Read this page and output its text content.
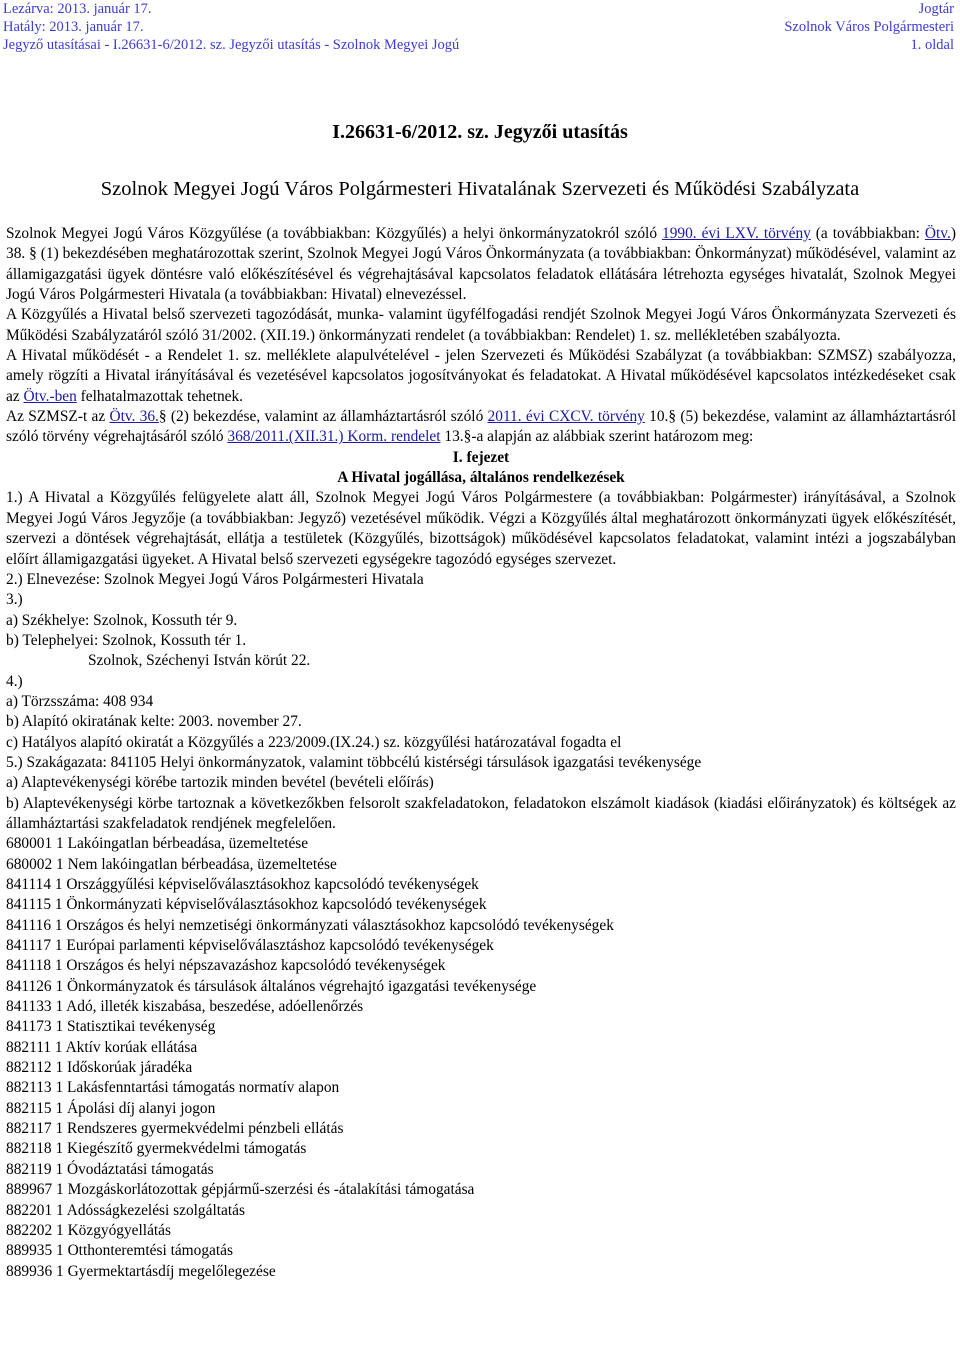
Lezárva: 2013. január 17.
Hatály: 2013. január 17.
Jegyző utasításai - I.26631-6/2012. sz. Jegyzői utasítás - Szolnok Megyei Jogú
Jogtár
Szolnok Város Polgármesteri
1. oldal
I.26631-6/2012. sz. Jegyzői utasítás
Szolnok Megyei Jogú Város Polgármesteri Hivatalának Szervezeti és Működési Szabályzata

Szolnok Megyei Jogú Város Közgyűlése (a továbbiakban: Közgyűlés) a helyi önkormányzatokról szóló 1990. évi LXV. törvény (a továbbiakban: Ötv.) 38. § (1) bekezdésében meghatározottak szerint, Szolnok Megyei Jogú Város Önkormányzata (a továbbiakban: Önkormányzat) működésével, valamint az államigazgatási ügyek döntésre való előkészítésével és végrehajtásával kapcsolatos feladatok ellátására létrehozta egységes hivatalát, Szolnok Megyei Jogú Város Polgármesteri Hivatala (a továbbiakban: Hivatal) elnevezéssel.

A Közgyűlés a Hivatal belső szervezeti tagozódását, munka- valamint ügyfélfogadási rendjét Szolnok Megyei Jogú Város Önkormányzata Szervezeti és Működési Szabályzatáról szóló 31/2002. (XII.19.) önkormányzati rendelet (a továbbiakban: Rendelet) 1. sz. mellékletében szabályozta.

A Hivatal működését - a Rendelet 1. sz. melléklete alapulvételével - jelen Szervezeti és Működési Szabályzat (a továbbiakban: SZMSZ) szabályozza, amely rögzíti a Hivatal irányításával és vezetésével kapcsolatos jogosítványokat és feladatokat. A Hivatal működésével kapcsolatos intézkedéseket csak az Ötv.-ben felhatalmazottak tehetnek.

Az SZMSZ-t az Ötv. 36.§ (2) bekezdése, valamint az államháztartásról szóló 2011. évi CXCV. törvény 10.§ (5) bekezdése, valamint az államháztartásról szóló törvény végrehajtásáról szóló 368/2011.(XII.31.) Korm. rendelet 13.§-a alapján az alábbiak szerint határozom meg:

I. fejezet

A Hivatal jogállása, általános rendelkezések

1.) A Hivatal a Közgyűlés felügyelete alatt áll, Szolnok Megyei Jogú Város Polgármestere (a továbbiakban: Polgármester) irányításával, a Szolnok Megyei Jogú Város Jegyzője (a továbbiakban: Jegyző) vezetésével működik. Végzi a Közgyűlés által meghatározott önkormányzati ügyek előkészítését, szervezi a döntések végrehajtását, ellátja a testületek (Közgyűlés, bizottságok) működésével kapcsolatos feladatokat, valamint intézi a jogszabályban előírt államigazgatási ügyeket. A Hivatal belső szervezeti egységekre tagozódó egységes szervezet.

2.) Elnevezése: Szolnok Megyei Jogú Város Polgármesteri Hivatala

3.)

a) Székhelye: Szolnok, Kossuth tér 9.

b) Telephelyei: Szolnok, Kossuth tér 1.

Szolnok, Széchenyi István körút 22.

4.)

a) Törzsszáma: 408 934

b) Alapító okiratának kelte: 2003. november 27.

c) Hatályos alapító okiratát a Közgyűlés a 223/2009.(IX.24.) sz. közgyűlési határozatával fogadta el

5.) Szakágazata: 841105 Helyi önkormányzatok, valamint többcélú kistérségi társulások igazgatási tevékenysége

a) Alaptevékenységi körébe tartozik minden bevétel (bevételi előírás)

b) Alaptevékenységi körbe tartoznak a következőkben felsorolt szakfeladatokon, feladatokon elszámolt kiadások (kiadási előirányzatok) és költségek az államháztartási szakfeladatok rendjének megfelelően.

680001 1 Lakóingatlan bérbeadása, üzemeltetése

680002 1 Nem lakóingatlan bérbeadása, üzemeltetése

841114 1 Országgyűlési képviselőválasztásokhoz kapcsolódó tevékenységek

841115 1 Önkormányzati képviselőválasztásokhoz kapcsolódó tevékenységek

841116 1 Országos és helyi nemzetiségi önkormányzati választásokhoz kapcsolódó tevékenységek

841117 1 Európai parlamenti képviselőválasztáshoz kapcsolódó tevékenységek

841118 1 Országos és helyi népszavazáshoz kapcsolódó tevékenységek

841126 1 Önkormányzatok és társulások általános végrehajtó igazgatási tevékenysége

841133 1 Adó, illeték kiszabása, beszedése, adóellenőrzés

841173 1 Statisztikai tevékenység

882111 1 Aktív korúak ellátása

882112 1 Időskorúak járadéka

882113 1 Lakásfenntartási támogatás normatív alapon

882115 1 Ápolási díj alanyi jogon

882117 1 Rendszeres gyermekvédelmi pénzbeli ellátás

882118 1 Kiegészítő gyermekvédelmi támogatás

882119 1 Óvodáztatási támogatás

889967 1 Mozgáskorlátozottak gépjármű-szerzési és -átalakítási támogatása

882201 1 Adósságkezelési szolgáltatás

882202 1 Közgyógyellátás

889935 1 Otthonteremtési támogatás

889936 1 Gyermektartásdíj megelőlegezése
